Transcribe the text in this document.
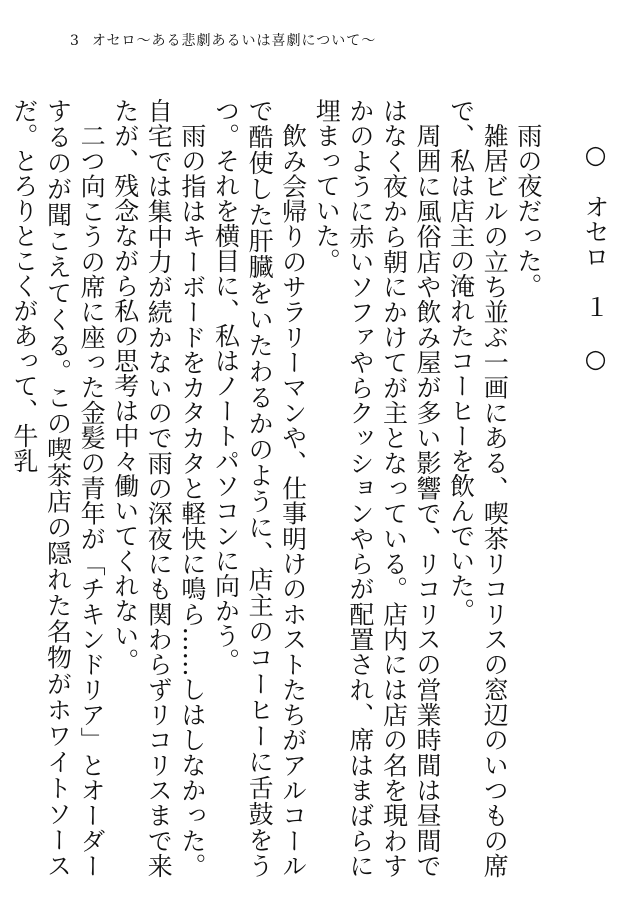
3 オセロ〜ある悲劇あるいは喜劇について〜
○　オセロ　１　○

雨の夜だった。

雑居ビルの立ち並ぶ一画にある、喫茶リコリスの窓辺のいつもの席で、私は店主の淹れたコーヒーを飲んでいた。

周囲に風俗店や飲み屋が多い影響で、リコリスの営業時間は昼間ではなく夜から朝にかけてが主となっている。店内には店の名を現わすかのように赤いソファやらクッションやらが配置され、席はまばらに埋まっていた。

飲み会帰りのサラリーマンや、仕事明けのホストたちがアルコールで酷使した肝臓をいたわるかのように、店主のコーヒーに舌鼓をうつ。それを横目に、私はノートパソコンに向かう。

雨の指はキーボードをカタカタと軽快に鳴ら……しはしなかった。自宅では集中力が続かないので雨の深夜にも関わらずリコリスまで来たが、残念ながら私の思考は中々働いてくれない。

二つ向こうの席に座った金髪の青年が「チキンドリア」とオーダーするのが聞こえてくる。この喫茶店の隠れた名物がホワイトソースだ。とろりとこくがあって、牛乳
